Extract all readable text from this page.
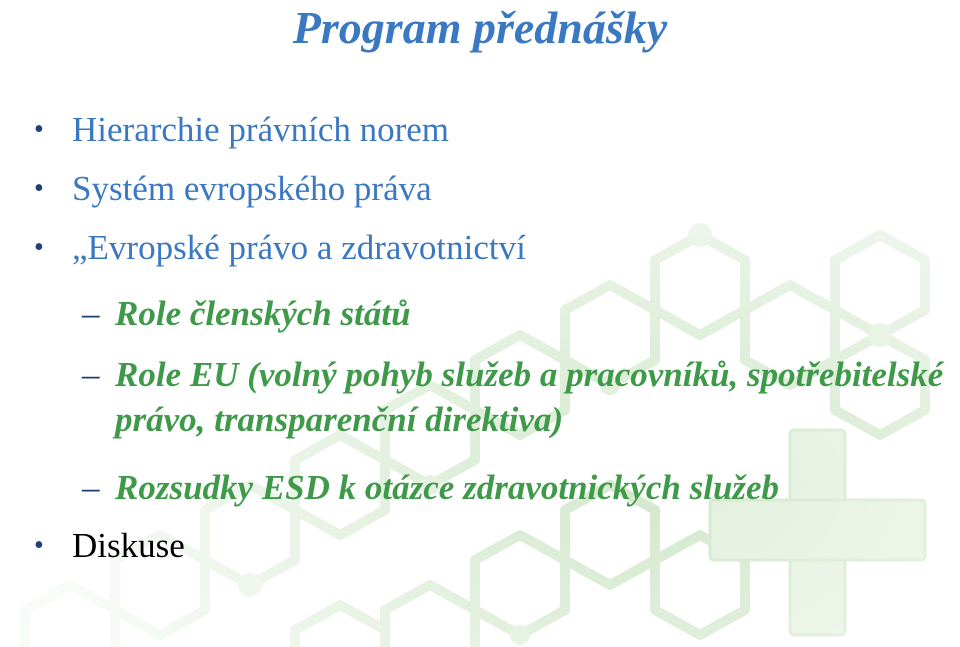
Program přednášky
• Hierarchie právních norem
• Systém evropského práva
• „Evropské právo a zdravotnictví
– Role členských států
– Role EU (volný pohyb služeb a pracovníků, spotřebitelské právo, transparenční direktiva)
– Rozsudky ESD k otázce zdravotnických služeb
• Diskuse
